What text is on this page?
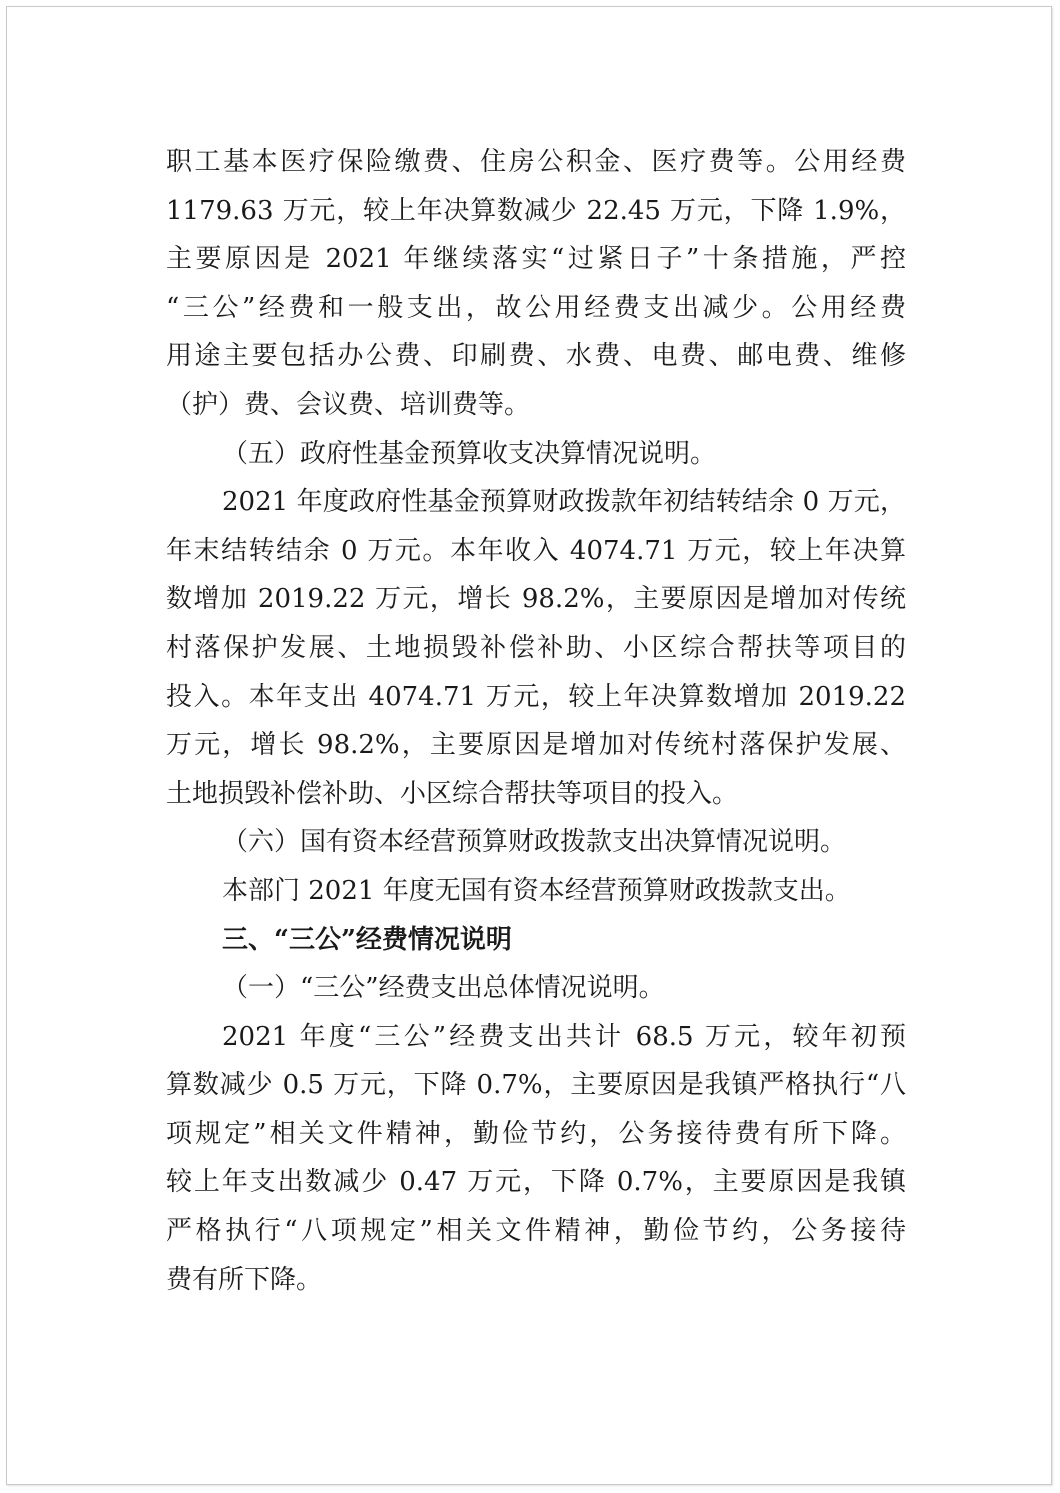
职工基本医疗保险缴费、住房公积金、医疗费等。公用经费
1179.63 万元，较上年决算数减少 22.45 万元，下降 1.9%，
主要原因是 2021 年继续落实“过紧日子”十条措施，严控
“三公”经费和一般支出，故公用经费支出减少。公用经费
用途主要包括办公费、印刷费、水费、电费、邮电费、维修
（护）费、会议费、培训费等。
（五）政府性基金预算收支决算情况说明。
2021 年度政府性基金预算财政拨款年初结转结余 0 万元，
年末结转结余 0 万元。本年收入 4074.71 万元，较上年决算
数增加 2019.22 万元，增长 98.2%，主要原因是增加对传统
村落保护发展、土地损毁补偿补助、小区综合帮扶等项目的
投入。本年支出 4074.71 万元，较上年决算数增加 2019.22
万元，增长 98.2%，主要原因是增加对传统村落保护发展、
土地损毁补偿补助、小区综合帮扶等项目的投入。
（六）国有资本经营预算财政拨款支出决算情况说明。
本部门 2021 年度无国有资本经营预算财政拨款支出。
三、“三公”经费情况说明
（一）“三公”经费支出总体情况说明。
2021 年度“三公”经费支出共计 68.5 万元，较年初预
算数减少 0.5 万元，下降 0.7%，主要原因是我镇严格执行“八
项规定”相关文件精神，勤俭节约，公务接待费有所下降。
较上年支出数减少 0.47 万元，下降 0.7%，主要原因是我镇
严格执行“八项规定”相关文件精神，勤俭节约，公务接待
费有所下降。
